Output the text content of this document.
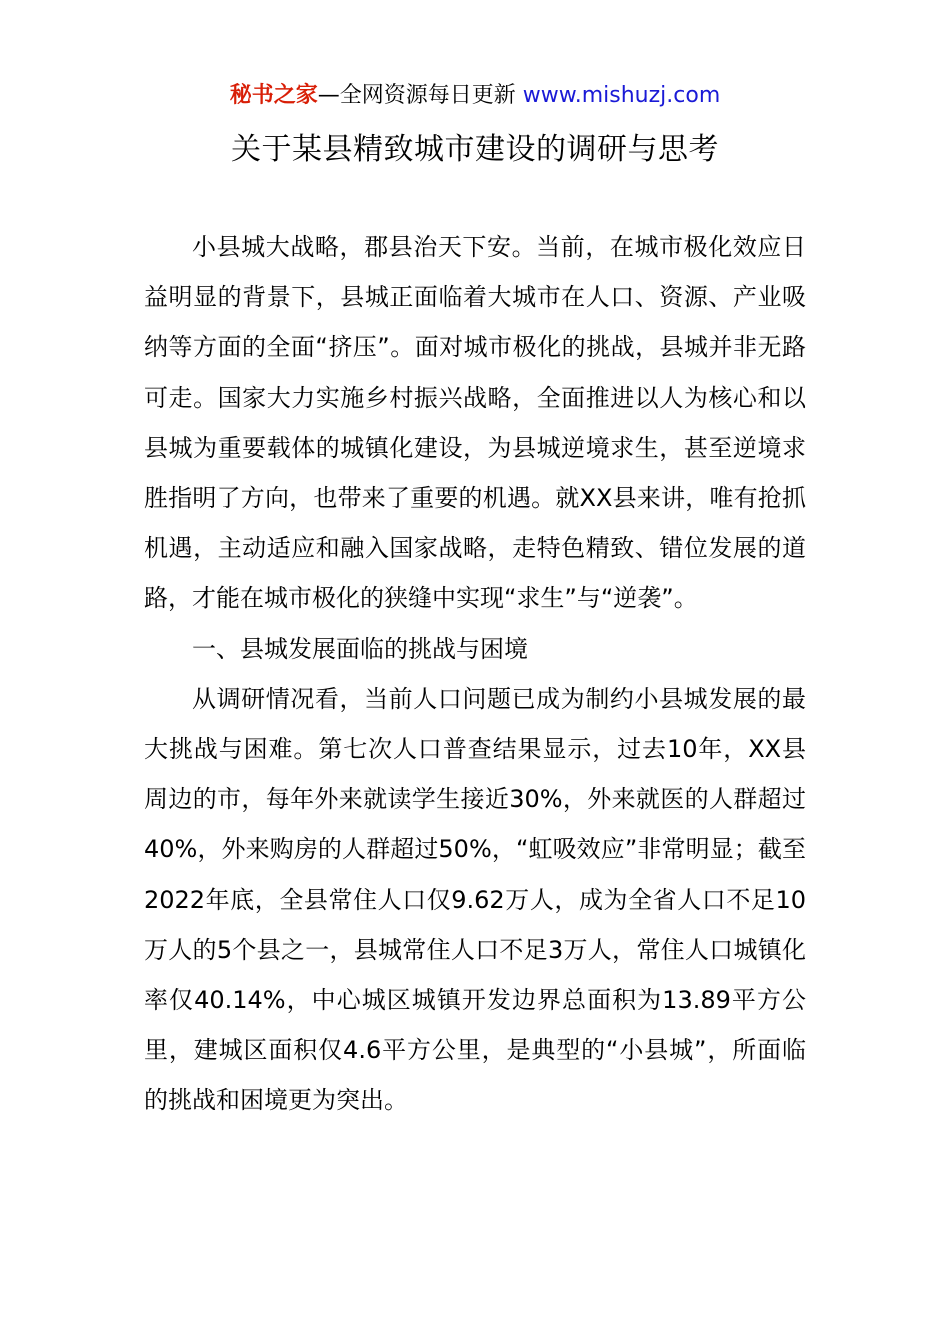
秘书之家—全网资源每日更新 www.mishuzj.com
关于某县精致城市建设的调研与思考

小县城大战略，郡县治天下安。当前，在城市极化效应日益明显的背景下，县城正面临着大城市在人口、资源、产业吸纳等方面的全面“挤压”。面对城市极化的挑战，县城并非无路可走。国家大力实施乡村振兴战略，全面推进以人为核心和以县城为重要载体的城镇化建设，为县城逆境求生，甚至逆境求胜指明了方向，也带来了重要的机遇。就XX县来讲，唯有抢抓机遇，主动适应和融入国家战略，走特色精致、错位发展的道路，才能在城市极化的狭缝中实现“求生”与“逆袭”。

一、县城发展面临的挑战与困境

从调研情况看，当前人口问题已成为制约小县城发展的最大挑战与困难。第七次人口普查结果显示，过去10年，XX县周边的市，每年外来就读学生接近30%，外来就医的人群超过40%，外来购房的人群超过50%，“虹吸效应”非常明显；截至2022年底，全县常住人口仅9.62万人，成为全省人口不足10万人的5个县之一，县城常住人口不足3万人，常住人口城镇化率仅40.14%，中心城区城镇开发边界总面积为13.89平方公里，建城区面积仅4.6平方公里，是典型的“小县城”，所面临的挑战和困境更为突出。
